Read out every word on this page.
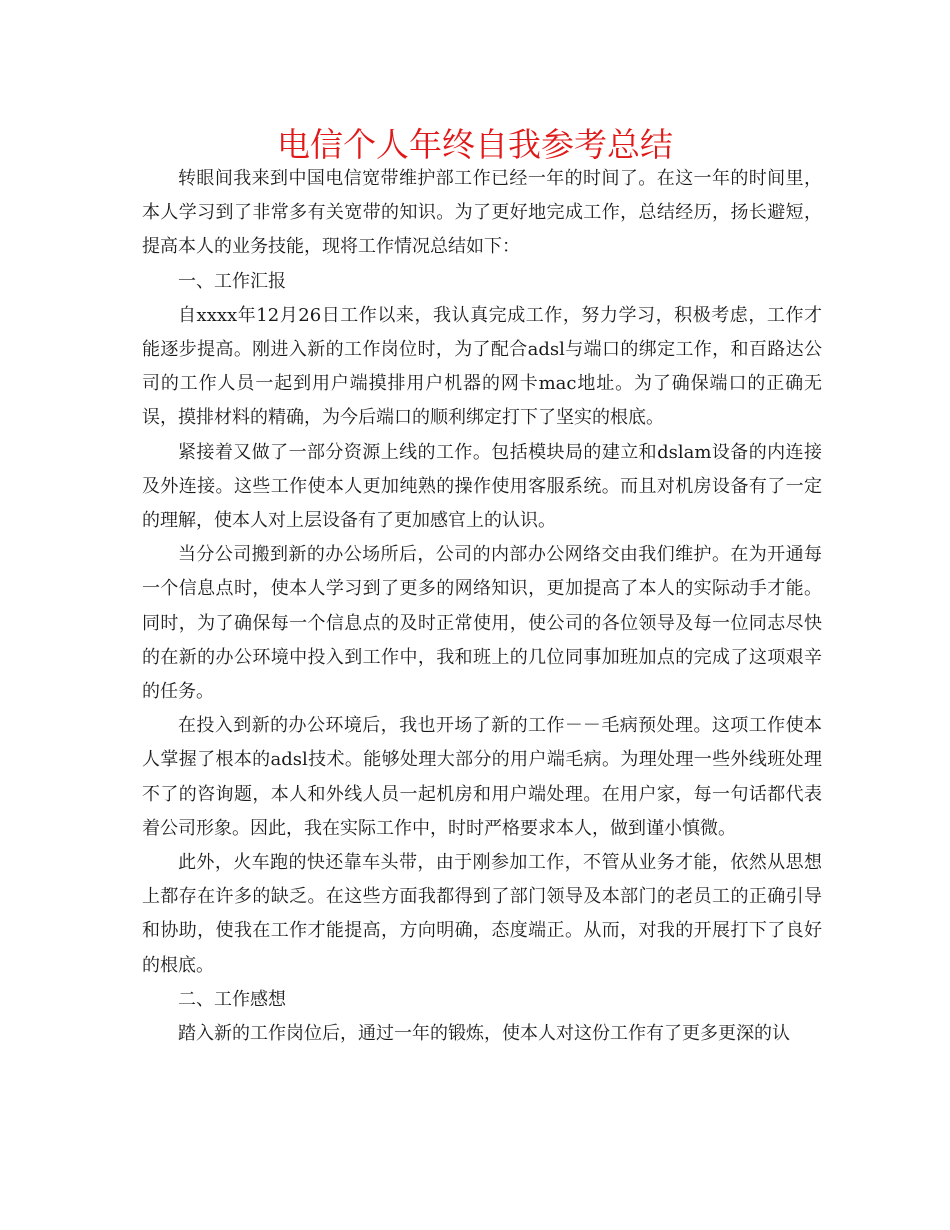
电信个人年终自我参考总结

转眼间我来到中国电信宽带维护部工作已经一年的时间了。在这一年的时间里，本人学习到了非常多有关宽带的知识。为了更好地完成工作，总结经历，扬长避短，提高本人的业务技能，现将工作情况总结如下：

一、工作汇报

自xxxx年12月26日工作以来，我认真完成工作，努力学习，积极考虑，工作才能逐步提高。刚进入新的工作岗位时，为了配合adsl与端口的绑定工作，和百路达公司的工作人员一起到用户端摸排用户机器的网卡mac地址。为了确保端口的正确无误，摸排材料的精确，为今后端口的顺利绑定打下了坚实的根底。

紧接着又做了一部分资源上线的工作。包括模块局的建立和dslam设备的内连接及外连接。这些工作使本人更加纯熟的操作使用客服系统。而且对机房设备有了一定的理解，使本人对上层设备有了更加感官上的认识。

当分公司搬到新的办公场所后，公司的内部办公网络交由我们维护。在为开通每一个信息点时，使本人学习到了更多的网络知识，更加提高了本人的实际动手才能。同时，为了确保每一个信息点的及时正常使用，使公司的各位领导及每一位同志尽快的在新的办公环境中投入到工作中，我和班上的几位同事加班加点的完成了这项艰辛的任务。

在投入到新的办公环境后，我也开场了新的工作－－毛病预处理。这项工作使本人掌握了根本的adsl技术。能够处理大部分的用户端毛病。为理处理一些外线班处理不了的咨询题，本人和外线人员一起机房和用户端处理。在用户家，每一句话都代表着公司形象。因此，我在实际工作中，时时严格要求本人，做到谨小慎微。

此外，火车跑的快还靠车头带，由于刚参加工作，不管从业务才能，依然从思想上都存在许多的缺乏。在这些方面我都得到了部门领导及本部门的老员工的正确引导和协助，使我在工作才能提高，方向明确，态度端正。从而，对我的开展打下了良好的根底。

二、工作感想

踏入新的工作岗位后，通过一年的锻炼，使本人对这份工作有了更多更深的认
